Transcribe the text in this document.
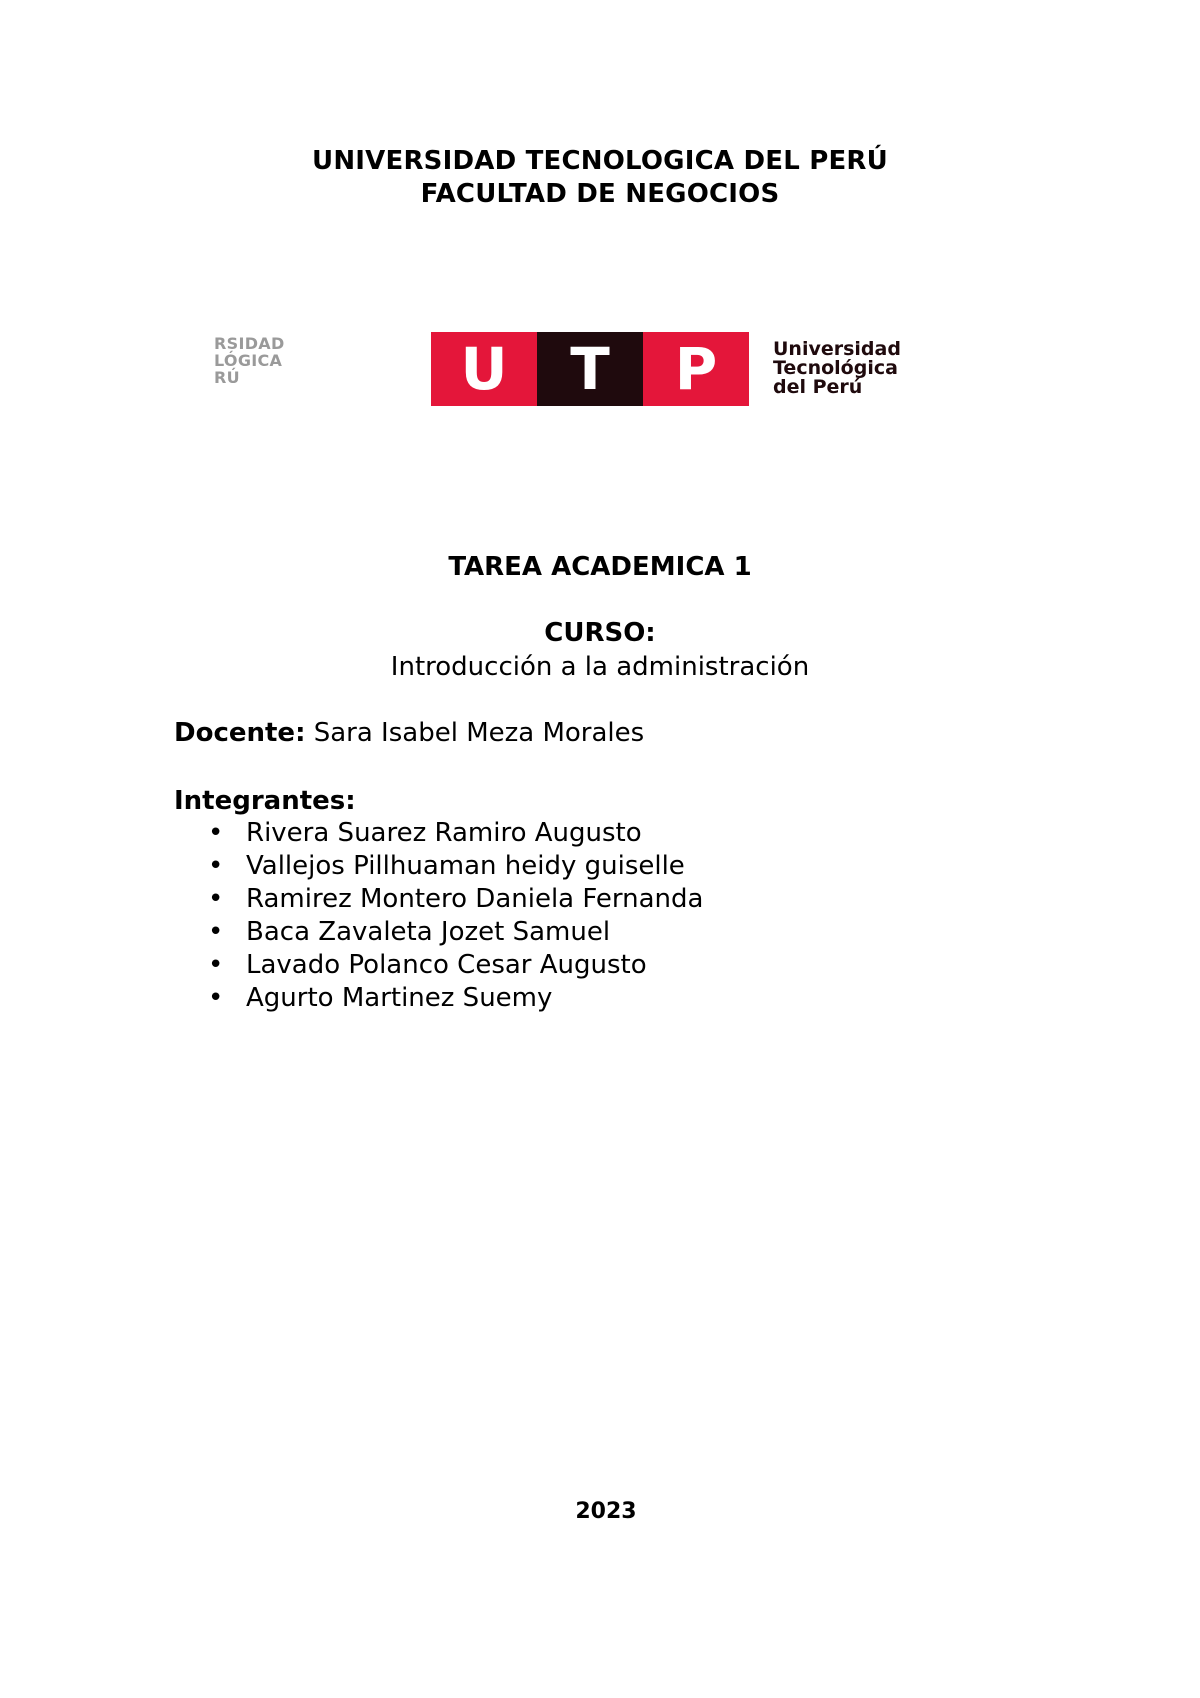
UNIVERSIDAD TECNOLOGICA DEL PERÚ
FACULTAD DE NEGOCIOS
RSIDAD
LÓGICA
RÚ	U	T	P	Universidad
Tecnológica
del Perú
TAREA ACADEMICA 1
CURSO:
Introducción a la administración
Docente: Sara Isabel Meza Morales
Integrantes:
• Rivera Suarez Ramiro Augusto
• Vallejos Pillhuaman heidy guiselle
• Ramirez Montero Daniela Fernanda
• Baca Zavaleta Jozet Samuel
• Lavado Polanco Cesar Augusto
• Agurto Martinez Suemy
2023
